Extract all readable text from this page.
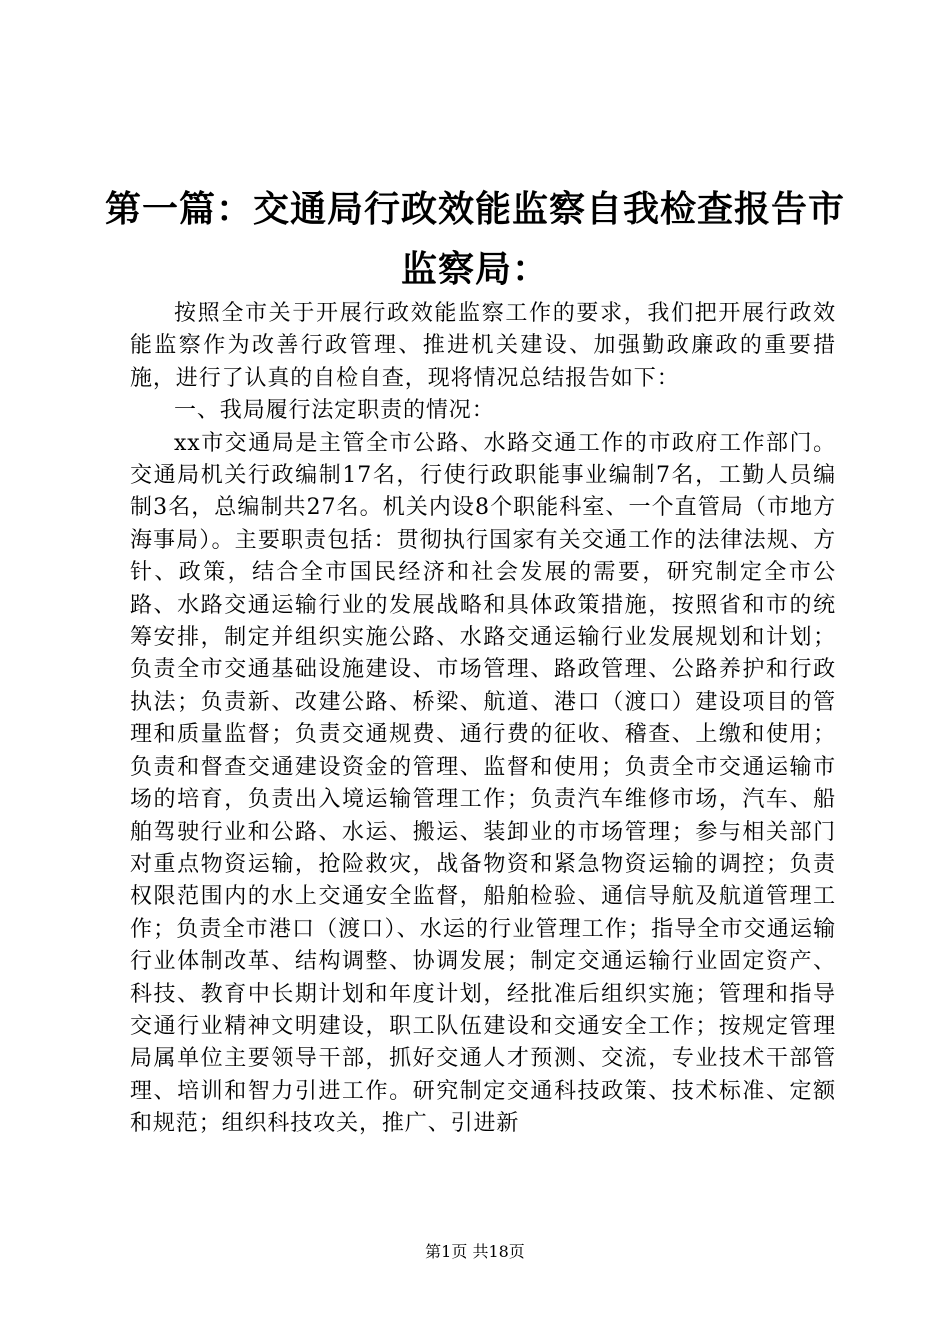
第一篇：交通局行政效能监察自我检查报告市
监察局：

按照全市关于开展行政效能监察工作的要求，我们把开展行政效能监察作为改善行政管理、推进机关建设、加强勤政廉政的重要措施，进行了认真的自检自查，现将情况总结报告如下：

一、我局履行法定职责的情况：

xx市交通局是主管全市公路、水路交通工作的市政府工作部门。交通局机关行政编制17名，行使行政职能事业编制7名，工勤人员编制3名，总编制共27名。机关内设8个职能科室、一个直管局（市地方海事局）。主要职责包括：贯彻执行国家有关交通工作的法律法规、方针、政策，结合全市国民经济和社会发展的需要，研究制定全市公路、水路交通运输行业的发展战略和具体政策措施，按照省和市的统筹安排，制定并组织实施公路、水路交通运输行业发展规划和计划；负责全市交通基础设施建设、市场管理、路政管理、公路养护和行政执法；负责新、改建公路、桥梁、航道、港口（渡口）建设项目的管理和质量监督；负责交通规费、通行费的征收、稽查、上缴和使用；负责和督查交通建设资金的管理、监督和使用；负责全市交通运输市场的培育，负责出入境运输管理工作；负责汽车维修市场，汽车、船舶驾驶行业和公路、水运、搬运、装卸业的市场管理；参与相关部门对重点物资运输，抢险救灾，战备物资和紧急物资运输的调控；负责权限范围内的水上交通安全监督，船舶检验、通信导航及航道管理工作；负责全市港口（渡口）、水运的行业管理工作；指导全市交通运输行业体制改革、结构调整、协调发展；制定交通运输行业固定资产、科技、教育中长期计划和年度计划，经批准后组织实施；管理和指导交通行业精神文明建设，职工队伍建设和交通安全工作；按规定管理局属单位主要领导干部，抓好交通人才预测、交流，专业技术干部管理、培训和智力引进工作。研究制定交通科技政策、技术标准、定额和规范；组织科技攻关，推广、引进新

第1页 共18页
